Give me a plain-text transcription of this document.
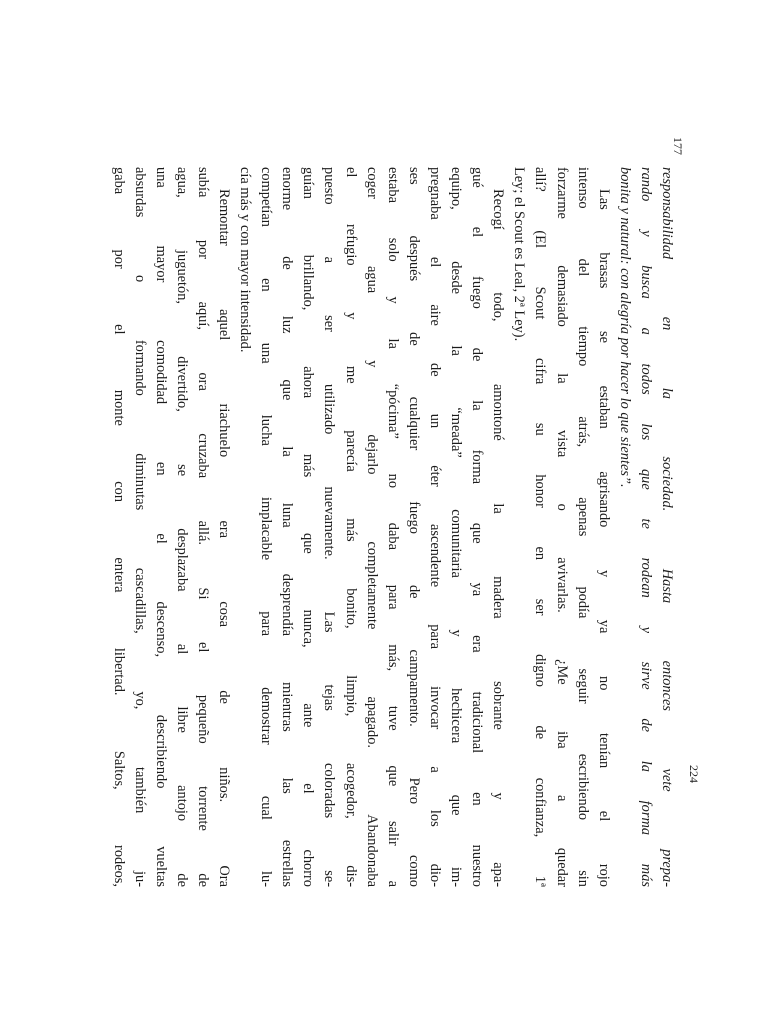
177
responsabilidad en la sociedad. Hasta entonces vete prepa-
rando y busca a todos los que te rodean y sirve de la forma más
bonita y natural: con alegría por hacer lo que sientes”.
Las brasas se estaban agrisando y ya no tenían el rojo
intenso del tiempo atrás, apenas podía seguir escribiendo sin
forzarme demasiado la vista o avivarlas. ¿Me iba a quedar
allí? (El Scout cifra su honor en ser digno de confianza, 1ª
Ley; el Scout es Leal, 2ª Ley).
Recogí todo, amontoné la madera sobrante y apa-
gué el fuego de la forma que ya era tradicional en nuestro
equipo, desde la “meada” comunitaria y hechicera que im-
pregnaba el aire de un éter ascendente para invocar a los dio-
ses después de cualquier fuego de campamento. Pero como
estaba solo y la “pócima” no daba para más, tuve que salir a
coger agua y dejarlo completamente apagado. Abandonaba
el refugio y me parecía más bonito, limpio, acogedor, dis-
puesto a ser utilizado nuevamente. Las tejas coloradas se-
guían brillando, ahora más que nunca, ante el chorro
enorme de luz que la luna desprendía mientras las estrellas
competían en una lucha implacable para demostrar cual lu-
cía más y con mayor intensidad.
Remontar aquel riachuelo era cosa de niños. Ora
subía por aquí, ora cruzaba allá. Si el pequeño torrente de
agua, juguetón, divertido, se desplazaba al libre antojo de
una mayor comodidad en el descenso, describiendo vueltas
absurdas o formando diminutas cascadillas, yo, también ju-
gaba por el monte con entera libertad. Saltos, rodeos,	224
